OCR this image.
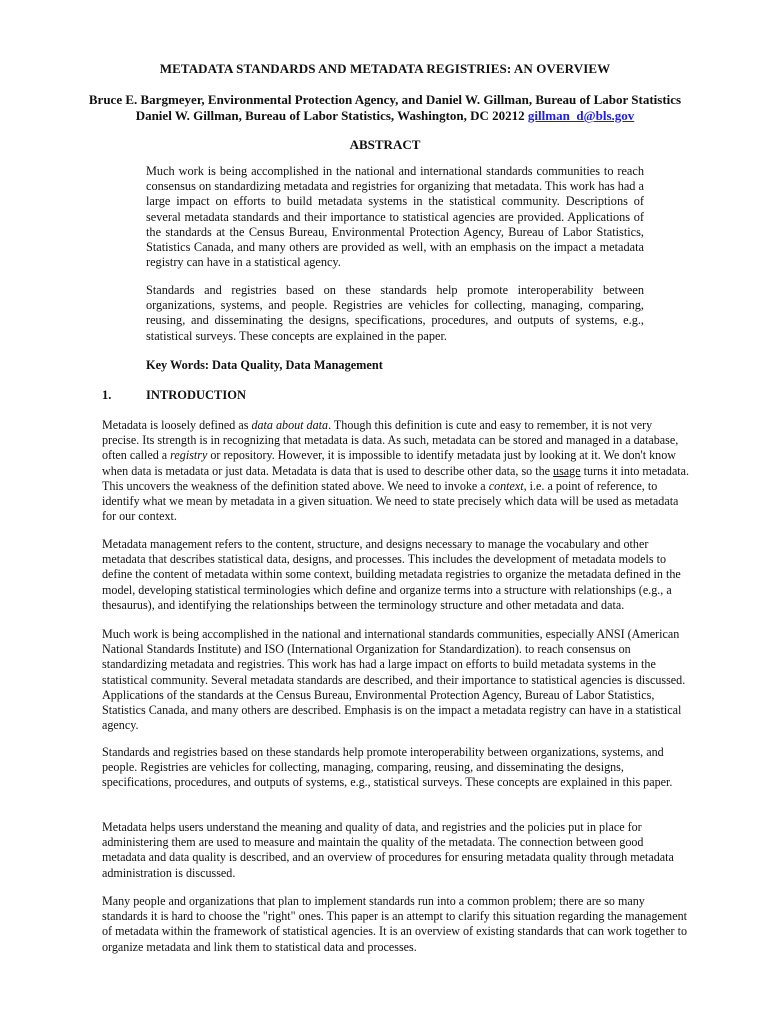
METADATA STANDARDS AND METADATA REGISTRIES: AN OVERVIEW
Bruce E. Bargmeyer, Environmental Protection Agency, and Daniel W. Gillman, Bureau of Labor Statistics
Daniel W. Gillman, Bureau of Labor Statistics, Washington, DC 20212 gillman_d@bls.gov
ABSTRACT

Much work is being accomplished in the national and international standards communities to reach consensus on standardizing metadata and registries for organizing that metadata. This work has had a large impact on efforts to build metadata systems in the statistical community. Descriptions of several metadata standards and their importance to statistical agencies are provided. Applications of the standards at the Census Bureau, Environmental Protection Agency, Bureau of Labor Statistics, Statistics Canada, and many others are provided as well, with an emphasis on the impact a metadata registry can have in a statistical agency.

Standards and registries based on these standards help promote interoperability between organizations, systems, and people. Registries are vehicles for collecting, managing, comparing, reusing, and disseminating the designs, specifications, procedures, and outputs of systems, e.g., statistical surveys. These concepts are explained in the paper.

Key Words: Data Quality, Data Management
1.	INTRODUCTION

Metadata is loosely defined as data about data. Though this definition is cute and easy to remember, it is not very precise. Its strength is in recognizing that metadata is data. As such, metadata can be stored and managed in a database, often called a registry or repository. However, it is impossible to identify metadata just by looking at it. We don't know when data is metadata or just data. Metadata is data that is used to describe other data, so the usage turns it into metadata. This uncovers the weakness of the definition stated above. We need to invoke a context, i.e. a point of reference, to identify what we mean by metadata in a given situation. We need to state precisely which data will be used as metadata for our context.

Metadata management refers to the content, structure, and designs necessary to manage the vocabulary and other metadata that describes statistical data, designs, and processes. This includes the development of metadata models to define the content of metadata within some context, building metadata registries to organize the metadata defined in the model, developing statistical terminologies which define and organize terms into a structure with relationships (e.g., a thesaurus), and identifying the relationships between the terminology structure and other metadata and data.

Much work is being accomplished in the national and international standards communities, especially ANSI (American National Standards Institute) and ISO (International Organization for Standardization). to reach consensus on standardizing metadata and registries. This work has had a large impact on efforts to build metadata systems in the statistical community. Several metadata standards are described, and their importance to statistical agencies is discussed. Applications of the standards at the Census Bureau, Environmental Protection Agency, Bureau of Labor Statistics, Statistics Canada, and many others are described. Emphasis is on the impact a metadata registry can have in a statistical agency.

Standards and registries based on these standards help promote interoperability between organizations, systems, and people. Registries are vehicles for collecting, managing, comparing, reusing, and disseminating the designs, specifications, procedures, and outputs of systems, e.g., statistical surveys. These concepts are explained in this paper.

Metadata helps users understand the meaning and quality of data, and registries and the policies put in place for administering them are used to measure and maintain the quality of the metadata. The connection between good metadata and data quality is described, and an overview of procedures for ensuring metadata quality through metadata administration is discussed.

Many people and organizations that plan to implement standards run into a common problem; there are so many standards it is hard to choose the "right" ones. This paper is an attempt to clarify this situation regarding the management of metadata within the framework of statistical agencies. It is an overview of existing standards that can work together to organize metadata and link them to statistical data and processes.
